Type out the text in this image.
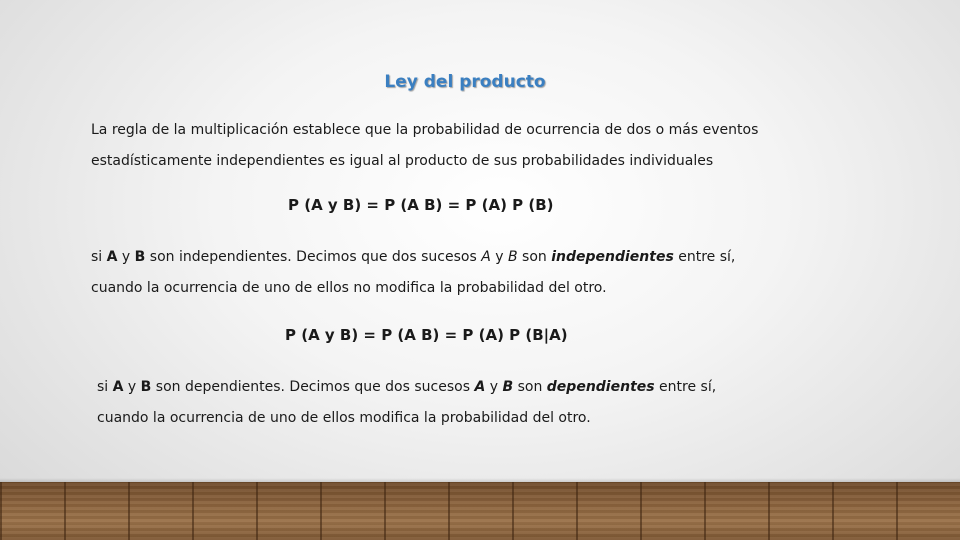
Ley del producto
La regla de la multiplicación establece que la probabilidad de ocurrencia de dos o más eventos
estadísticamente independientes es igual al producto de sus probabilidades individuales
P (A y B) = P (A B) = P (A) P (B)
si A y B son independientes. Decimos que dos sucesos A y B son independientes entre sí,
cuando la ocurrencia de uno de ellos no modifica la probabilidad del otro.
P (A y B) = P (A B) = P (A) P (B|A)
si A y B son dependientes. Decimos que dos sucesos A y B son dependientes entre sí,
cuando la ocurrencia de uno de ellos modifica la probabilidad del otro.
